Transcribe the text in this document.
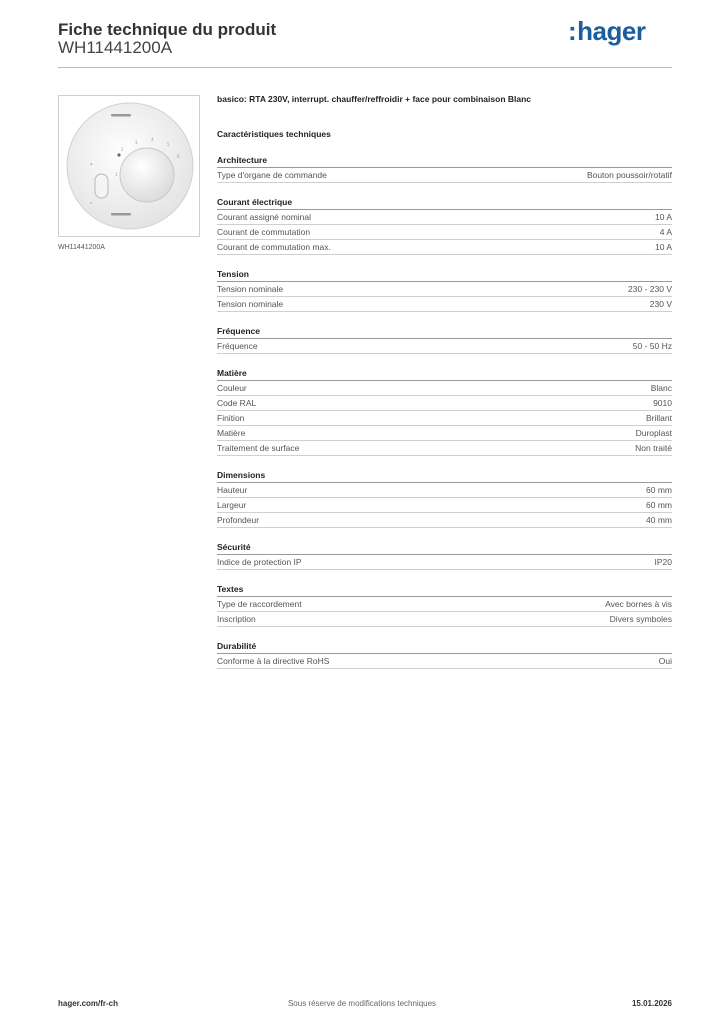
Fiche technique du produit
WH11441200A
:hager
*
°
1
2
3
4
5
6
WH11441200A
basico: RTA 230V, interrupt. chauffer/reffroidir + face pour combinaison Blanc
Caractéristiques techniques
Architecture
Type d'organe de commande	Bouton poussoir/rotatif
Courant électrique
Courant assigné nominal	10 A
Courant de commutation	4 A
Courant de commutation max.	10 A
Tension
Tension nominale	230 - 230 V
Tension nominale	230 V
Fréquence
Fréquence	50 - 50 Hz
Matière
Couleur	Blanc
Code RAL	9010
Finition	Brillant
Matière	Duroplast
Traitement de surface	Non traité
Dimensions
Hauteur	60 mm
Largeur	60 mm
Profondeur	40 mm
Sécurité
Indice de protection IP	IP20
Textes
Type de raccordement	Avec bornes à vis
Inscription	Divers symboles
Durabilité
Conforme à la directive RoHS	Oui
hager.com/fr-ch	Sous réserve de modifications techniques	15.01.2026
